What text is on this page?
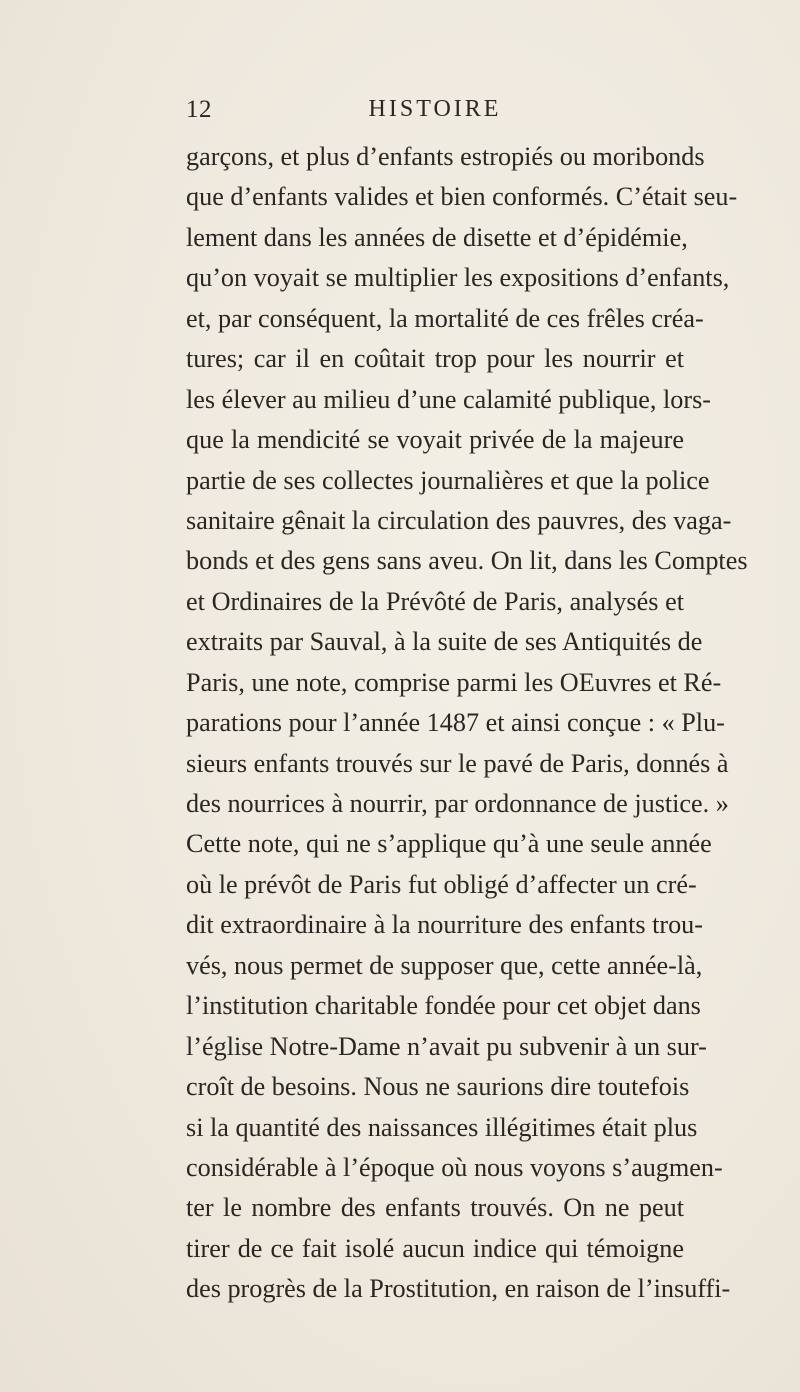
12	HISTOIRE
garçons, et plus d’enfants estropiés ou moribonds
que d’enfants valides et bien conformés. C’était seu-
lement dans les années de disette et d’épidémie,
qu’on voyait se multiplier les expositions d’enfants,
et, par conséquent, la mortalité de ces frêles créa-
tures; car il en coûtait trop pour les nourrir et
les élever au milieu d’une calamité publique, lors-
que la mendicité se voyait privée de la majeure
partie de ses collectes journalières et que la police
sanitaire gênait la circulation des pauvres, des vaga-
bonds et des gens sans aveu. On lit, dans les Comptes
et Ordinaires de la Prévôté de Paris, analysés et
extraits par Sauval, à la suite de ses Antiquités de
Paris, une note, comprise parmi les OEuvres et Ré-
parations pour l’année 1487 et ainsi conçue : « Plu-
sieurs enfants trouvés sur le pavé de Paris, donnés à
des nourrices à nourrir, par ordonnance de justice. »
Cette note, qui ne s’applique qu’à une seule année
où le prévôt de Paris fut obligé d’affecter un cré-
dit extraordinaire à la nourriture des enfants trou-
vés, nous permet de supposer que, cette année-là,
l’institution charitable fondée pour cet objet dans
l’église Notre-Dame n’avait pu subvenir à un sur-
croît de besoins. Nous ne saurions dire toutefois
si la quantité des naissances illégitimes était plus
considérable à l’époque où nous voyons s’augmen-
ter le nombre des enfants trouvés. On ne peut
tirer de ce fait isolé aucun indice qui témoigne
des progrès de la Prostitution, en raison de l’insuffi-
